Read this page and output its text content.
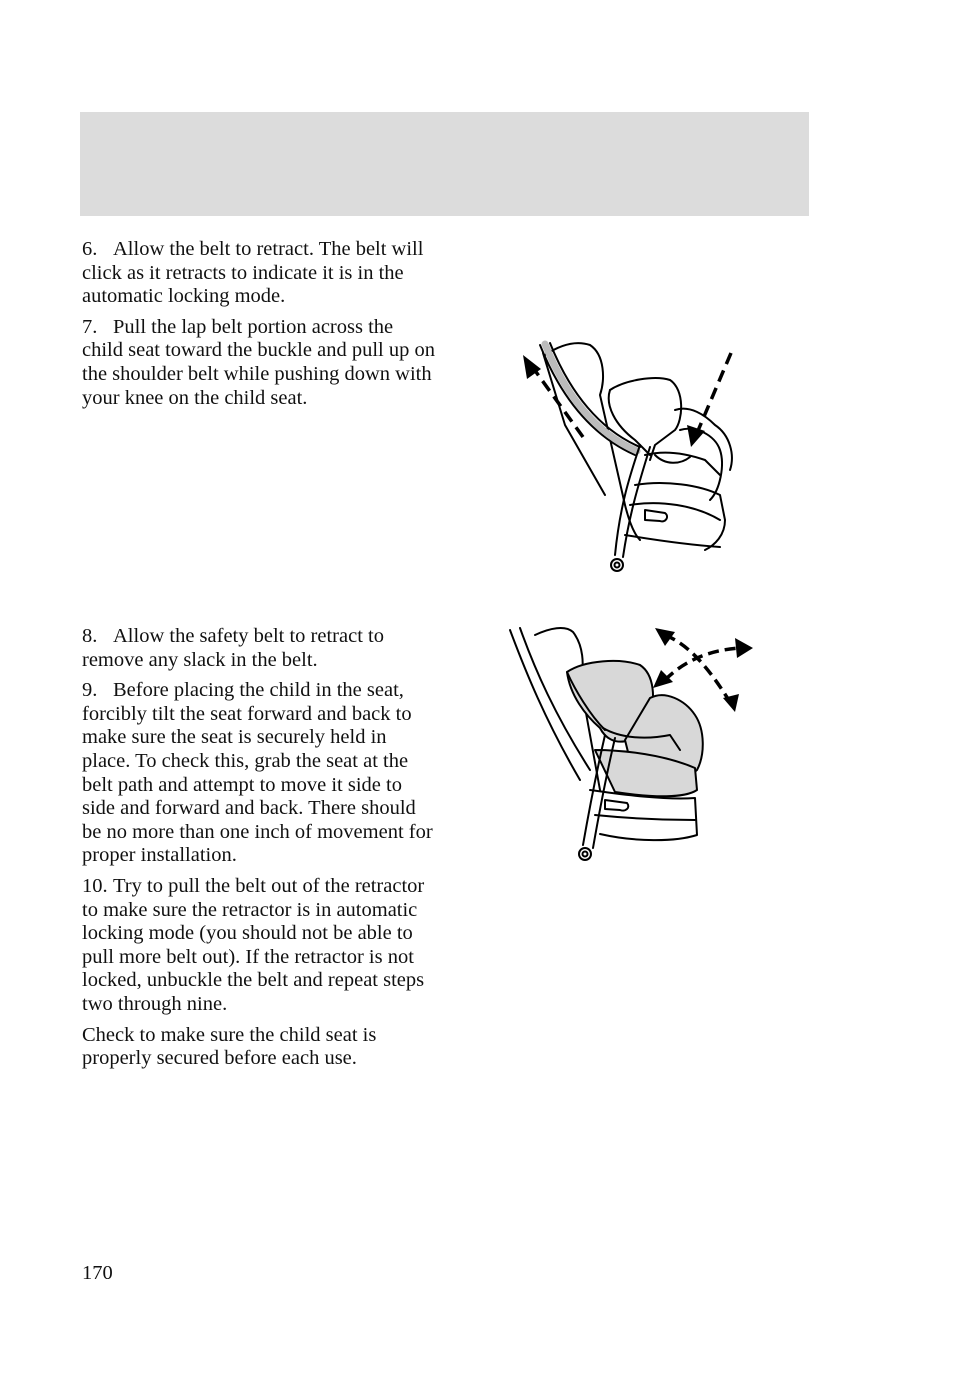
6. Allow the belt to retract. The belt will click as it retracts to indicate it is in the automatic locking mode.

7. Pull the lap belt portion across the child seat toward the buckle and pull up on the shoulder belt while pushing down with your knee on the child seat.

8. Allow the safety belt to retract to remove any slack in the belt.

9. Before placing the child in the seat, forcibly tilt the seat forward and back to make sure the seat is securely held in place. To check this, grab the seat at the belt path and attempt to move it side to side and forward and back. There should be no more than one inch of movement for proper installation.

10. Try to pull the belt out of the retractor to make sure the retractor is in automatic locking mode (you should not be able to pull more belt out). If the retractor is not locked, unbuckle the belt and repeat steps two through nine.

Check to make sure the child seat is properly secured before each use.

170
